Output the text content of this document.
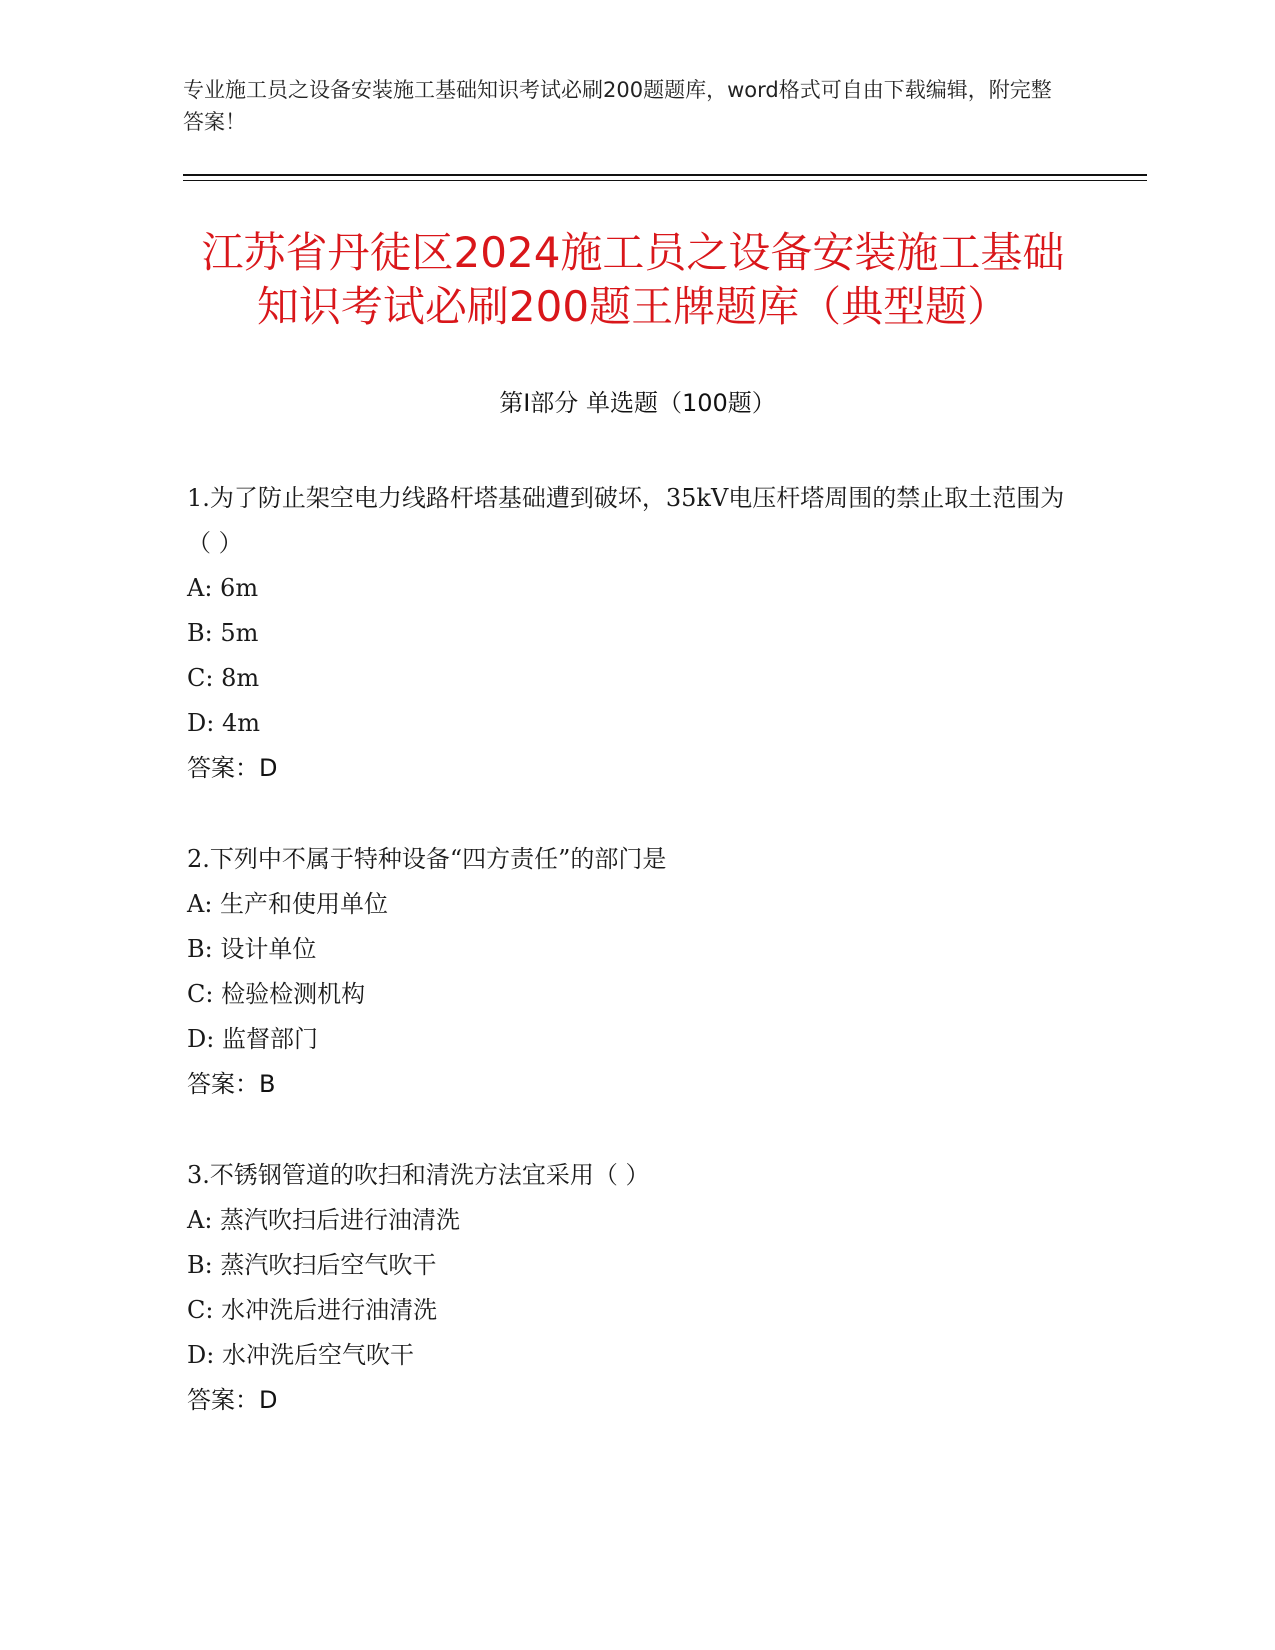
专业施工员之设备安装施工基础知识考试必刷200题题库，word格式可自由下载编辑，附完整答案！
江苏省丹徒区2024施工员之设备安装施工基础知识考试必刷200题王牌题库（典型题）
第I部分 单选题（100题）

1.为了防止架空电力线路杆塔基础遭到破坏，35kV电压杆塔周围的禁止取土范围为（ ）

A: 6m

B: 5m

C: 8m

D: 4m

答案：D

2.下列中不属于特种设备“四方责任”的部门是

A: 生产和使用单位

B: 设计单位

C: 检验检测机构

D: 监督部门

答案：B

3.不锈钢管道的吹扫和清洗方法宜采用（ ）

A: 蒸汽吹扫后进行油清洗

B: 蒸汽吹扫后空气吹干

C: 水冲洗后进行油清洗

D: 水冲洗后空气吹干

答案：D
